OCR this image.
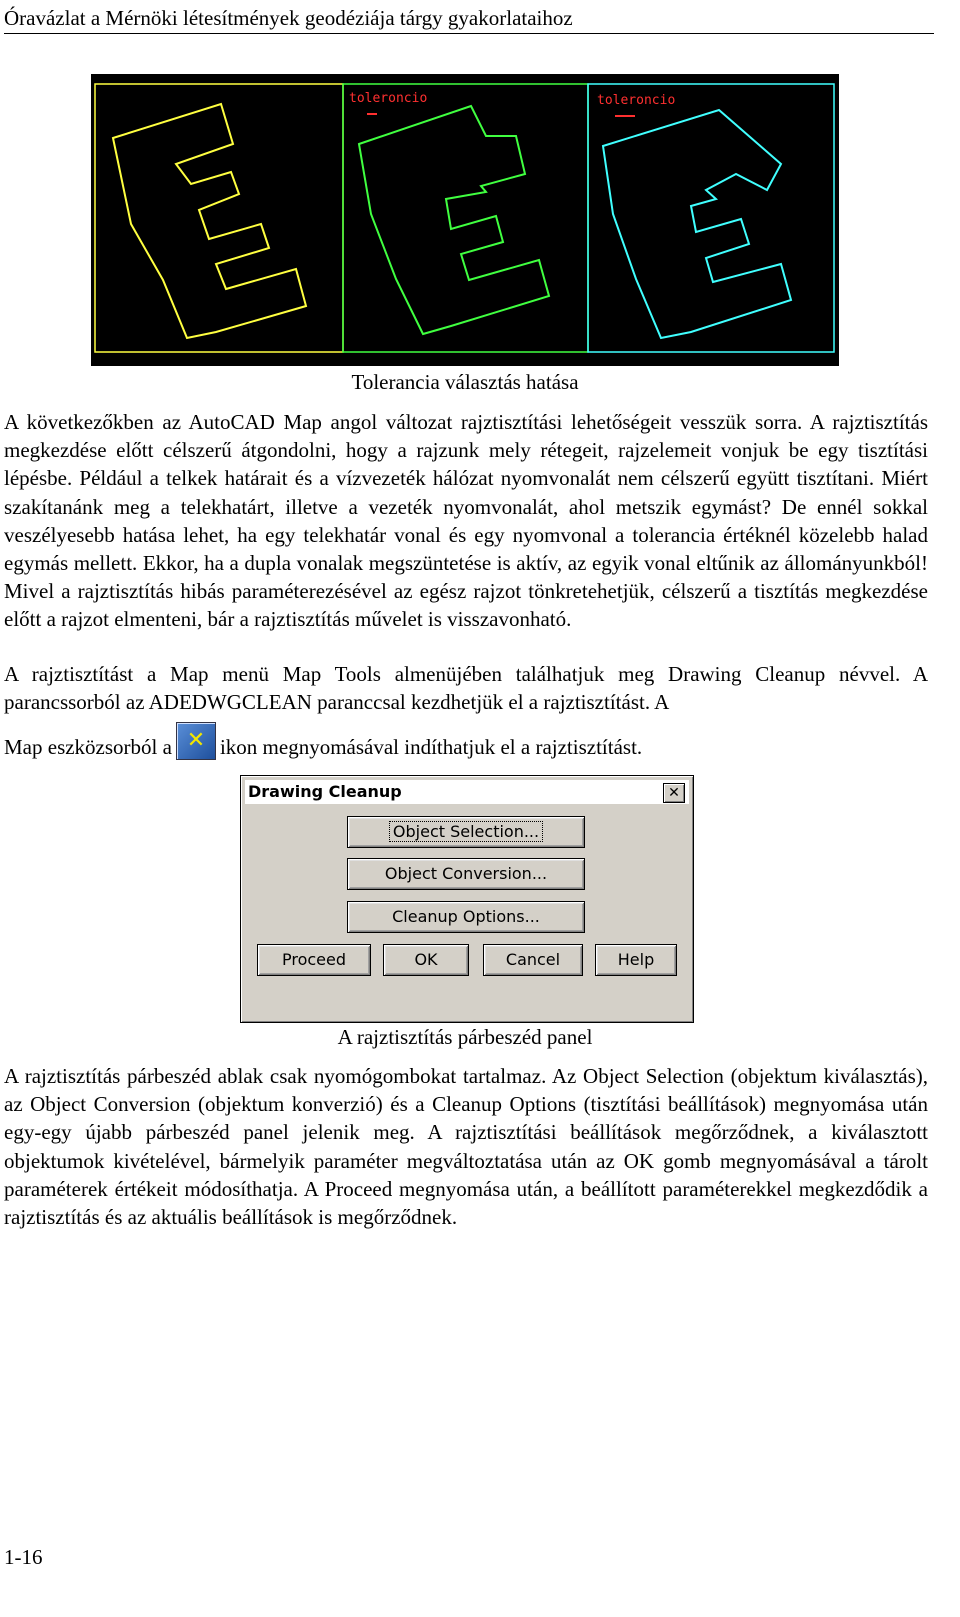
Óravázlat a Mérnöki létesítmények geodéziája tárgy gyakorlataihoz
toleroncio	toleroncio
Tolerancia választás hatása

A következőkben az AutoCAD Map angol változat rajztisztítási lehetőségeit vesszük sorra. A rajztisztítás megkezdése előtt célszerű átgondolni, hogy a rajzunk mely rétegeit, rajzelemeit vonjuk be egy tisztítási lépésbe. Például a telkek határait és a vízvezeték hálózat nyomvonalát nem célszerű együtt tisztítani. Miért szakítanánk meg a telekhatárt, illetve a vezeték nyomvonalát, ahol metszik egymást? De ennél sokkal veszélyesebb hatása lehet, ha egy telekhatár vonal és egy nyomvonal a tolerancia értéknél közelebb halad egymás mellett. Ekkor, ha a dupla vonalak megszüntetése is aktív, az egyik vonal eltűnik az állományunkból! Mivel a rajztisztítás hibás paraméterezésével az egész rajzot tönkretehetjük, célszerű a tisztítás megkezdése előtt a rajzot elmenteni, bár a rajztisztítás művelet is visszavonható.

A rajztisztítást a Map menü Map Tools almenüjében találhatjuk meg Drawing Cleanup névvel. A parancssorból az ADEDWGCLEAN paranccsal kezdhetjük el a rajztisztítást. A

Map eszközsorból a ✕ ikon megnyomásával indíthatjuk el a rajztisztítást.

Drawing Cleanup	✕
Object Selection...
Object Conversion...
Cleanup Options...
Proceed	OK	Cancel	Help
A rajztisztítás párbeszéd panel

A rajztisztítás párbeszéd ablak csak nyomógombokat tartalmaz. Az Object Selection (objektum kiválasztás), az Object Conversion (objektum konverzió) és a Cleanup Options (tisztítási beállítások) megnyomása után egy-egy újabb párbeszéd panel jelenik meg. A rajztisztítási beállítások megőrződnek, a kiválasztott objektumok kivételével, bármelyik paraméter megváltoztatása után az OK gomb megnyomásával a tárolt paraméterek értékeit módosíthatja. A Proceed megnyomása után, a beállított paraméterekkel megkezdődik a rajztisztítás és az aktuális beállítások is megőrződnek.

1-16
